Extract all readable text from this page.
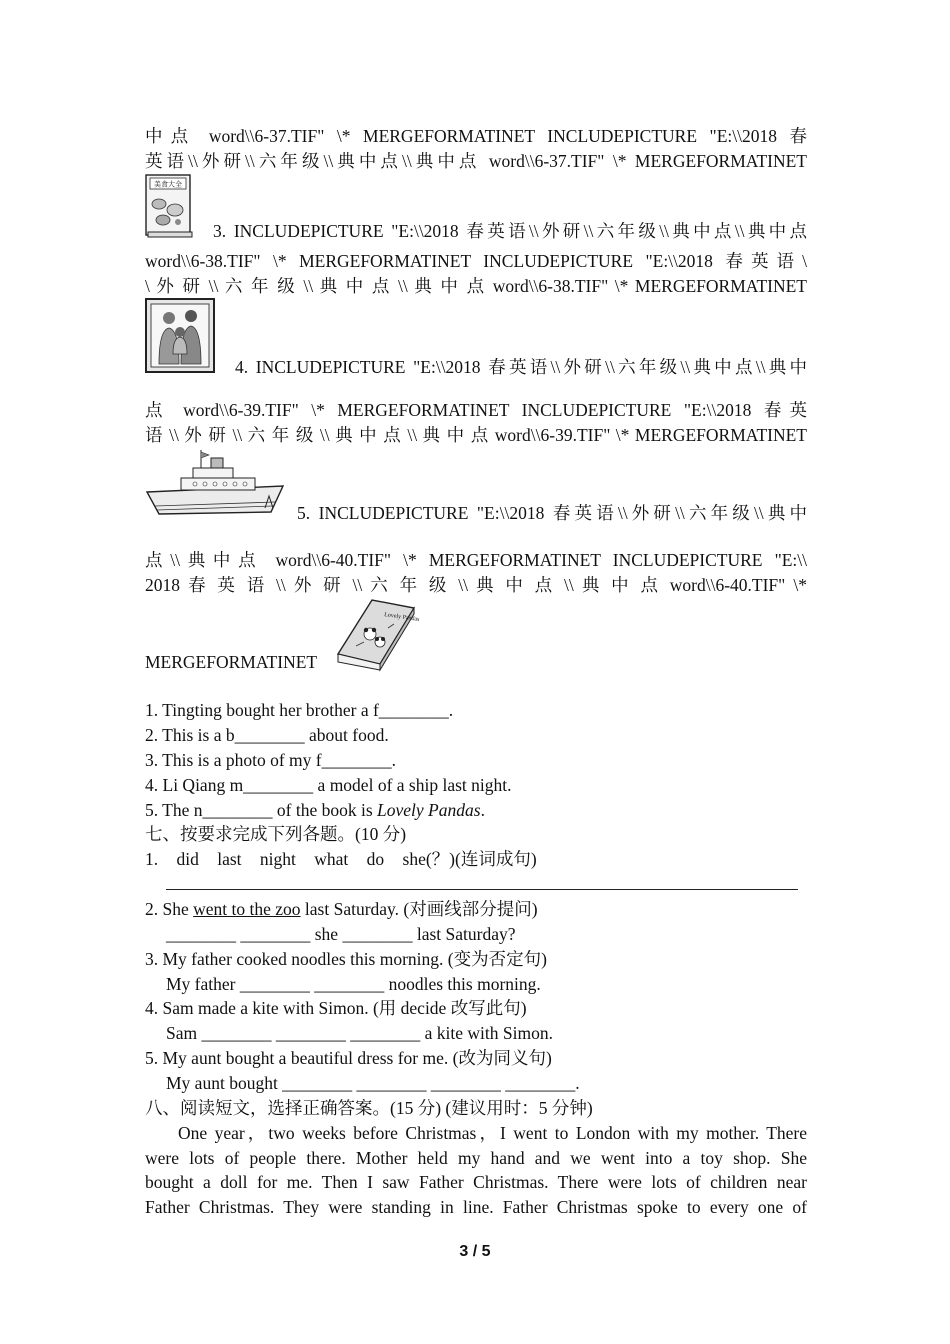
中点 word\\6-37.TIF" \* MERGEFORMATINET INCLUDEPICTURE "E:\\2018 春
英语\\外研\\六年级\\典中点\\典中点 word\\6-37.TIF" \* MERGEFORMATINET
美食大全
3. INCLUDEPICTURE "E:\\2018 春英语\\外研\\六年级\\典中点\\典中点
word\\6-38.TIF" \* MERGEFORMATINET INCLUDEPICTURE "E:\\2018 春英语\
\ 外 研 \\ 六 年 级 \\ 典 中 点 \\ 典 中 点 word\\6-38.TIF" \* MERGEFORMATINET
4. INCLUDEPICTURE "E:\\2018 春英语\\外研\\六年级\\典中点\\典中
点 word\\6-39.TIF" \* MERGEFORMATINET INCLUDEPICTURE "E:\\2018 春英
语 \\ 外 研 \\ 六 年 级 \\ 典 中 点 \\ 典 中 点 word\\6-39.TIF" \* MERGEFORMATINET
5. INCLUDEPICTURE "E:\\2018 春英语\\外研\\六年级\\典中
点\\典中点 word\\6-40.TIF" \* MERGEFORMATINET INCLUDEPICTURE "E:\\
2018 春 英 语 \\ 外 研 \\ 六 年 级 \\ 典 中 点 \\ 典 中 点 word\\6-40.TIF" \*
MERGEFORMATINET
Lovely Pandas
1. Tingting bought her brother a f________.
2. This is a b________ about food.
3. This is a photo of my f________.
4. Li Qiang m________ a model of a ship last night.
5. The n________ of the book is Lovely Pandas.
七、按要求完成下列各题。(10 分)
1. did last night what do she(？)(连词成句)
2. She went to the zoo last Saturday. (对画线部分提问)
________ ________ she ________ last Saturday?
3. My father cooked noodles this morning. (变为否定句)
My father ________ ________ noodles this morning.
4. Sam made a kite with Simon. (用 decide 改写此句)
Sam ________ ________ ________ a kite with Simon.
5. My aunt bought a beautiful dress for me. (改为同义句)
My aunt bought ________ ________ ________ ________.
八、阅读短文，选择正确答案。(15 分) (建议用时：5 分钟)
One year，two weeks before Christmas，I went to London with my mother. There
were lots of people there. Mother held my hand and we went into a toy shop. She
bought a doll for me. Then I saw Father Christmas. There were lots of children near
Father Christmas. They were standing in line. Father Christmas spoke to every one of
3 / 5
